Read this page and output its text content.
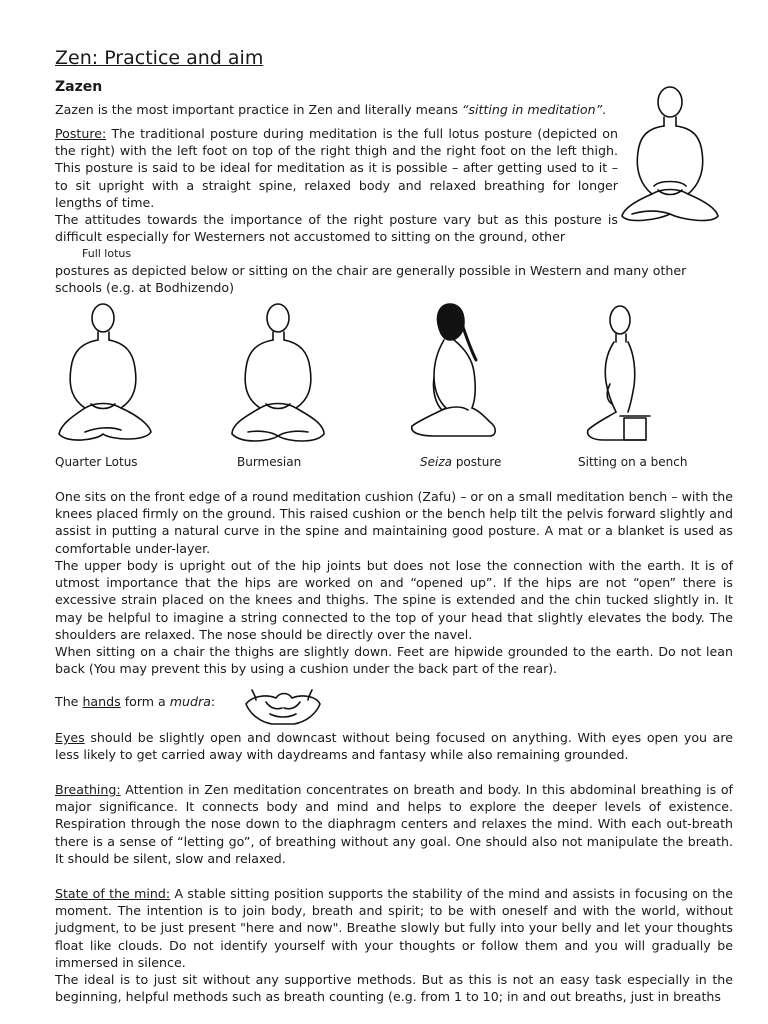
Zen: Practice and aim
Zazen

Zazen is the most important practice in Zen and literally means “sitting in meditation”.

Posture: The traditional posture during meditation is the full lotus posture (depicted on the right) with the left foot on top of the right thigh and the right foot on the left thigh. This posture is said to be ideal for meditation as it is possible – after getting used to it – to sit upright with a straight spine, relaxed body and relaxed breathing for longer lengths of time.
The attitudes towards the importance of the right posture vary but as this posture is difficult especially for Westerners not accustomed to sitting on the ground, other

Full lotus

postures as depicted below or sitting on the chair are generally possible in Western and many other schools (e.g. at Bodhizendo)

Quarter Lotus	Burmesian	Seiza posture	Sitting on a bench

One sits on the front edge of a round meditation cushion (Zafu) – or on a small meditation bench – with the knees placed firmly on the ground. This raised cushion or the bench help tilt the pelvis forward slightly and assist in putting a natural curve in the spine and maintaining good posture. A mat or a blanket is used as comfortable under-layer.

The upper body is upright out of the hip joints but does not lose the connection with the earth. It is of utmost importance that the hips are worked on and “opened up”. If the hips are not “open” there is excessive strain placed on the knees and thighs. The spine is extended and the chin tucked slightly in. It may be helpful to imagine a string connected to the top of your head that slightly elevates the body. The shoulders are relaxed. The nose should be directly over the navel.

When sitting on a chair the thighs are slightly down. Feet are hipwide grounded to the earth. Do not lean back (You may prevent this by using a cushion under the back part of the rear).

The hands form a mudra:

Eyes should be slightly open and downcast without being focused on anything. With eyes open you are less likely to get carried away with daydreams and fantasy while also remaining grounded.

Breathing: Attention in Zen meditation concentrates on breath and body. In this abdominal breathing is of major significance. It connects body and mind and helps to explore the deeper levels of existence. Respiration through the nose down to the diaphragm centers and relaxes the mind. With each out-breath there is a sense of “letting go”, of breathing without any goal. One should also not manipulate the breath. It should be silent, slow and relaxed.

State of the mind: A stable sitting position supports the stability of the mind and assists in focusing on the moment. The intention is to join body, breath and spirit; to be with oneself and with the world, without judgment, to be just present "here and now". Breathe slowly but fully into your belly and let your thoughts float like clouds. Do not identify yourself with your thoughts or follow them and you will gradually be immersed in silence.
The ideal is to just sit without any supportive methods. But as this is not an easy task especially in the beginning, helpful methods such as breath counting (e.g. from 1 to 10; in and out breaths, just in breaths
